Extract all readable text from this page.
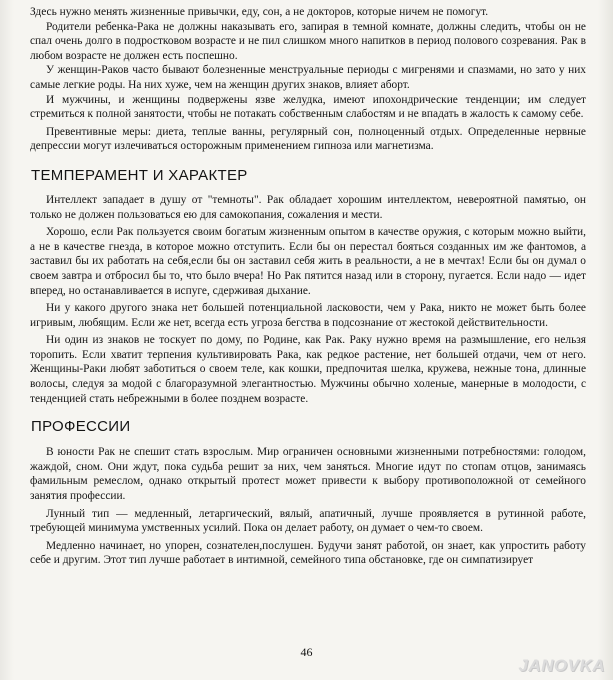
Здесь нужно менять жизненные привычки, еду, сон, а не докторов, которые ничем не помогут.

Родители ребенка-Рака не должны наказывать его, запирая в темной комнате, должны следить, чтобы он не спал очень долго в подростковом возрасте и не пил слишком много напитков в период полового созревания. Рак в любом возрасте не должен есть поспешно.

У женщин-Раков часто бывают болезненные менструальные периоды с мигренями и спазмами, но зато у них самые легкие роды. На них хуже, чем на женщин других знаков, влияет аборт.

И мужчины, и женщины подвержены язве желудка, имеют ипохондрические тенденции; им следует стремиться к полной занятости, чтобы не потакать собственным слабостям и не впадать в жалость к самому себе.

Превентивные меры: диета, теплые ванны, регулярный сон, полноценный отдых. Определенные нервные депрессии могут излечиваться осторожным применением гипноза или магнетизма.

ТЕМПЕРАМЕНТ И ХАРАКТЕР

Интеллект западает в душу от "темноты". Рак обладает хорошим интеллектом, невероятной памятью, он только не должен пользоваться ею для самокопания, сожаления и мести.

Хорошо, если Рак пользуется своим богатым жизненным опытом в качестве оружия, с которым можно выйти, а не в качестве гнезда, в которое можно отступить. Если бы он перестал бояться созданных им же фантомов, а заставил бы их работать на себя,если бы он заставил себя жить в реальности, а не в мечтах! Если бы он думал о своем завтра и отбросил бы то, что было вчера! Но Рак пятится назад или в сторону, пугается. Если надо — идет вперед, но останавливается в испуге, сдерживая дыхание.

Ни у какого другого знака нет большей потенциальной ласковости, чем у Рака, никто не может быть более игривым, любящим. Если же нет, всегда есть угроза бегства в подсознание от жестокой действительности.

Ни один из знаков не тоскует по дому, по Родине, как Рак. Раку нужно время на размышление, его нельзя торопить. Если хватит терпения культивировать Рака, как редкое растение, нет большей отдачи, чем от него. Женщины-Раки любят заботиться о своем теле, как кошки, предпочитая шелка, кружева, нежные тона, длинные волосы, следуя за модой с благоразумной элегантностью. Мужчины обычно холеные, манерные в молодости, с тенденцией стать небрежными в более позднем возрасте.

ПРОФЕССИИ

В юности Рак не спешит стать взрослым. Мир ограничен основными жизненными потребностями: голодом, жаждой, сном. Они ждут, пока судьба решит за них, чем заняться. Многие идут по стопам отцов, занимаясь фамильным ремеслом, однако открытый протест может привести к выбору противоположной от семейного занятия профессии.

Лунный тип — медленный, летаргический, вялый, апатичный, лучше проявляется в рутинной работе, требующей минимума умственных усилий. Пока он делает работу, он думает о чем-то своем.

Медленно начинает, но упорен, сознателен,послушен. Будучи занят работой, он знает, как упростить работу себе и другим. Этот тип лучше работает в интимной, семейного типа обстановке, где он симпатизирует

46
JANOVKA
